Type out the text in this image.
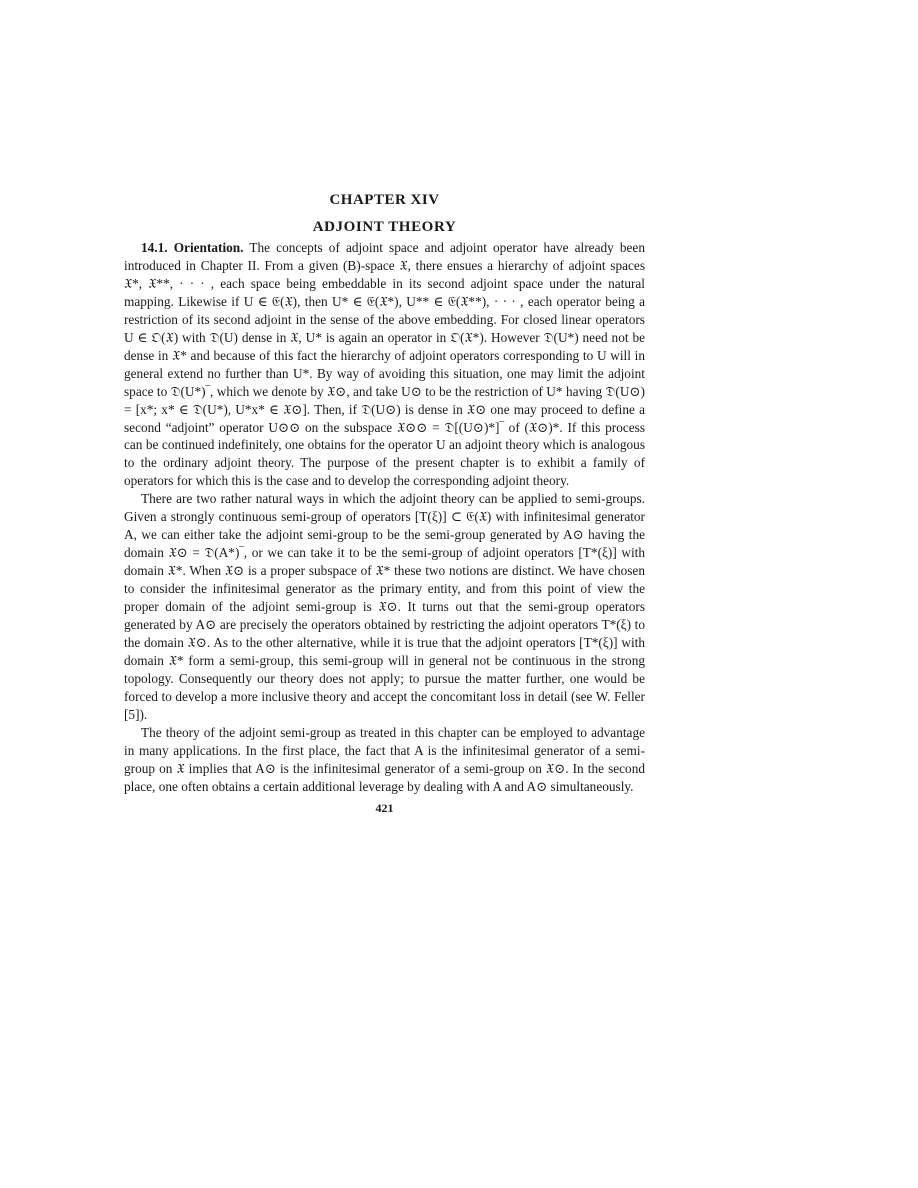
CHAPTER XIV
ADJOINT THEORY

14.1. Orientation. The concepts of adjoint space and adjoint operator have already been introduced in Chapter II. From a given (B)-space 𝔛, there ensues a hierarchy of adjoint spaces 𝔛*, 𝔛**, · · · , each space being embeddable in its second adjoint space under the natural mapping. Likewise if U ∈ 𝔈(𝔛), then U* ∈ 𝔈(𝔛*), U** ∈ 𝔈(𝔛**), · · · , each operator being a restriction of its second adjoint in the sense of the above embedding. For closed linear operators U ∈ 𝔒(𝔛) with 𝔇(U) dense in 𝔛, U* is again an operator in 𝔒(𝔛*). However 𝔇(U*) need not be dense in 𝔛* and because of this fact the hierarchy of adjoint operators corresponding to U will in general extend no further than U*. By way of avoiding this situation, one may limit the adjoint space to 𝔇(U*)‾, which we denote by 𝔛⊙, and take U⊙ to be the restriction of U* having 𝔇(U⊙) = [x*; x* ∈ 𝔇(U*), U*x* ∈ 𝔛⊙]. Then, if 𝔇(U⊙) is dense in 𝔛⊙ one may proceed to define a second “adjoint” operator U⊙⊙ on the subspace 𝔛⊙⊙ = 𝔇[(U⊙)*]‾ of (𝔛⊙)*. If this process can be continued indefinitely, one obtains for the operator U an adjoint theory which is analogous to the ordinary adjoint theory. The purpose of the present chapter is to exhibit a family of operators for which this is the case and to develop the corresponding adjoint theory.

There are two rather natural ways in which the adjoint theory can be applied to semi-groups. Given a strongly continuous semi-group of operators [T(ξ)] ⊂ 𝔈(𝔛) with infinitesimal generator A, we can either take the adjoint semi-group to be the semi-group generated by A⊙ having the domain 𝔛⊙ = 𝔇(A*)‾, or we can take it to be the semi-group of adjoint operators [T*(ξ)] with domain 𝔛*. When 𝔛⊙ is a proper subspace of 𝔛* these two notions are distinct. We have chosen to consider the infinitesimal generator as the primary entity, and from this point of view the proper domain of the adjoint semi-group is 𝔛⊙. It turns out that the semi-group operators generated by A⊙ are precisely the operators obtained by restricting the adjoint operators T*(ξ) to the domain 𝔛⊙. As to the other alternative, while it is true that the adjoint operators [T*(ξ)] with domain 𝔛* form a semi-group, this semi-group will in general not be continuous in the strong topology. Consequently our theory does not apply; to pursue the matter further, one would be forced to develop a more inclusive theory and accept the concomitant loss in detail (see W. Feller [5]).

The theory of the adjoint semi-group as treated in this chapter can be employed to advantage in many applications. In the first place, the fact that A is the infinitesimal generator of a semi-group on 𝔛 implies that A⊙ is the infinitesimal generator of a semi-group on 𝔛⊙. In the second place, one often obtains a certain additional leverage by dealing with A and A⊙ simultaneously.

421
